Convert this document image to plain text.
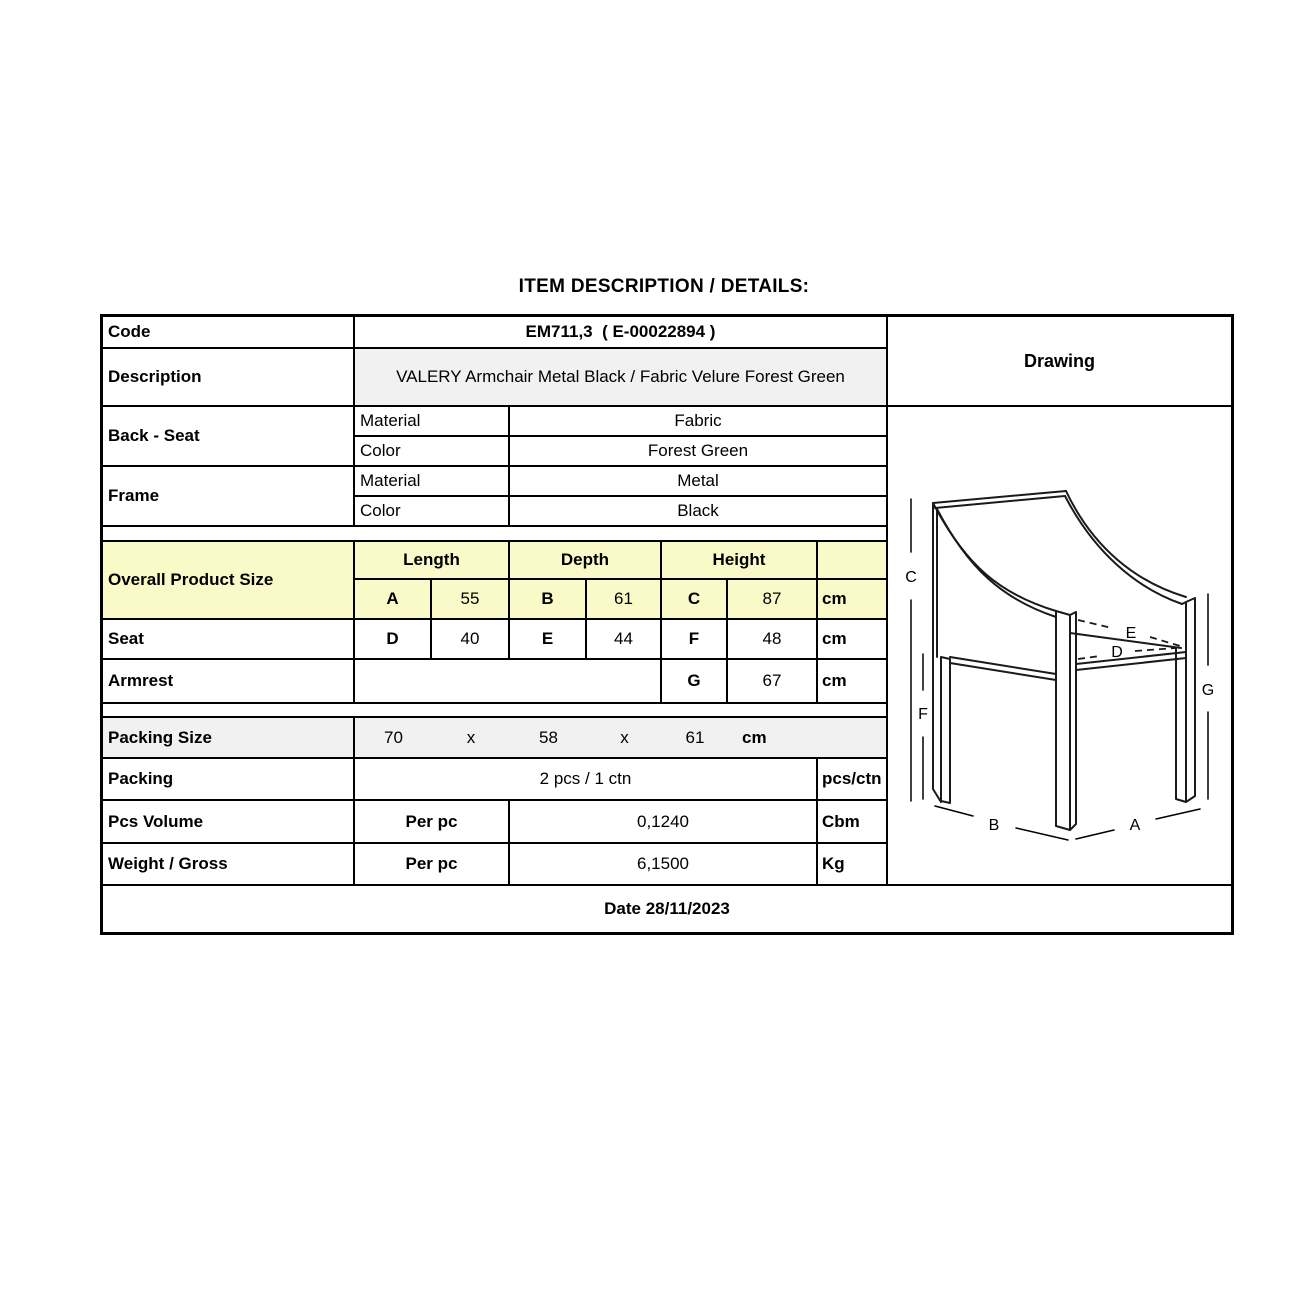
ITEM DESCRIPTION / DETAILS:
Code	EM711,3  ( E-00022894 )
Drawing
Description	VALERY Armchair Metal Black / Fabric Velure Forest Green
Back - Seat
Material	Fabric
Color	Forest Green
Frame
Material	Metal
Color	Black
Overall Product Size
Length	Depth	Height
A	55	B	61	C	87	cm
Seat	D	40	E	44	F	48	cm
Armrest	G	67	cm
Packing Size	70	x	58	x	61	cm
Packing	2 pcs / 1 ctn	pcs/ctn
Pcs Volume	Per pc	0,1240	Cbm
Weight / Gross	Per pc	6,1500	Kg
C
F
G
E
D
B	A
Date 28/11/2023
